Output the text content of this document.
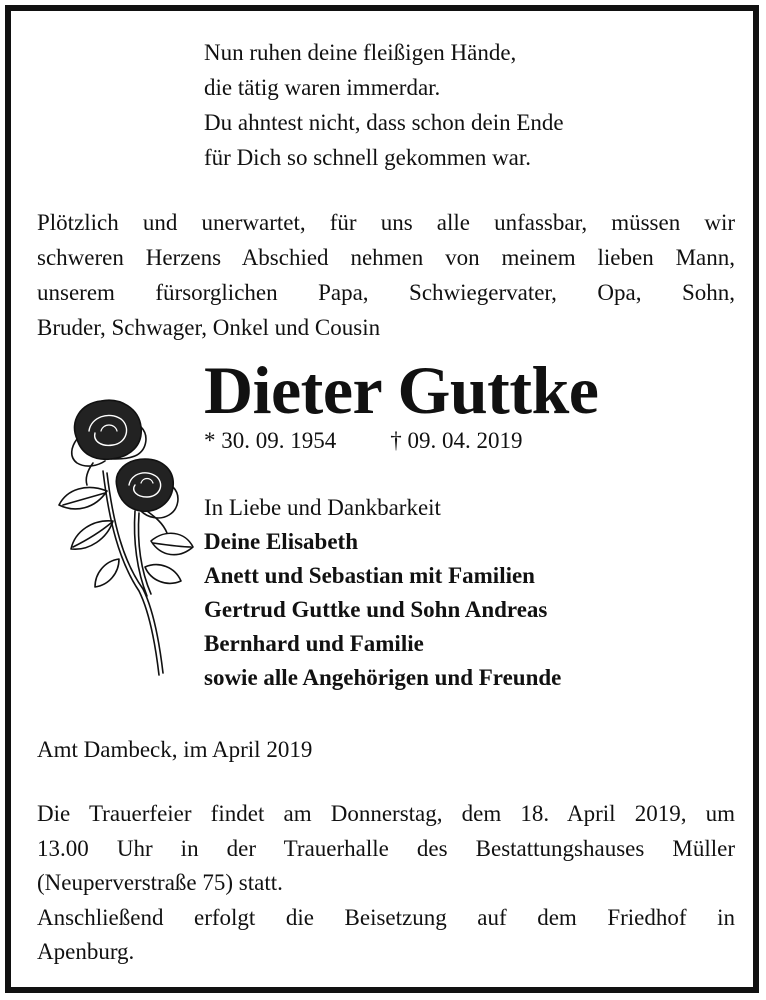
Nun ruhen deine fleißigen Hände,
die tätig waren immerdar.
Du ahntest nicht, dass schon dein Ende
für Dich so schnell gekommen war.
Plötzlich und unerwartet, für uns alle unfassbar, müssen wir
schweren Herzens Abschied nehmen von meinem lieben Mann,
unserem fürsorglichen Papa, Schwiegervater, Opa, Sohn,
Bruder, Schwager, Onkel und Cousin
Dieter Guttke
* 30. 09. 1954 † 09. 04. 2019
In Liebe und Dankbarkeit
Deine Elisabeth
Anett und Sebastian mit Familien
Gertrud Guttke und Sohn Andreas
Bernhard und Familie
sowie alle Angehörigen und Freunde
Amt Dambeck, im April 2019
Die Trauerfeier findet am Donnerstag, dem 18. April 2019, um
13.00 Uhr in der Trauerhalle des Bestattungshauses Müller
(Neuperverstraße 75) statt.
Anschließend erfolgt die Beisetzung auf dem Friedhof in
Apenburg.
